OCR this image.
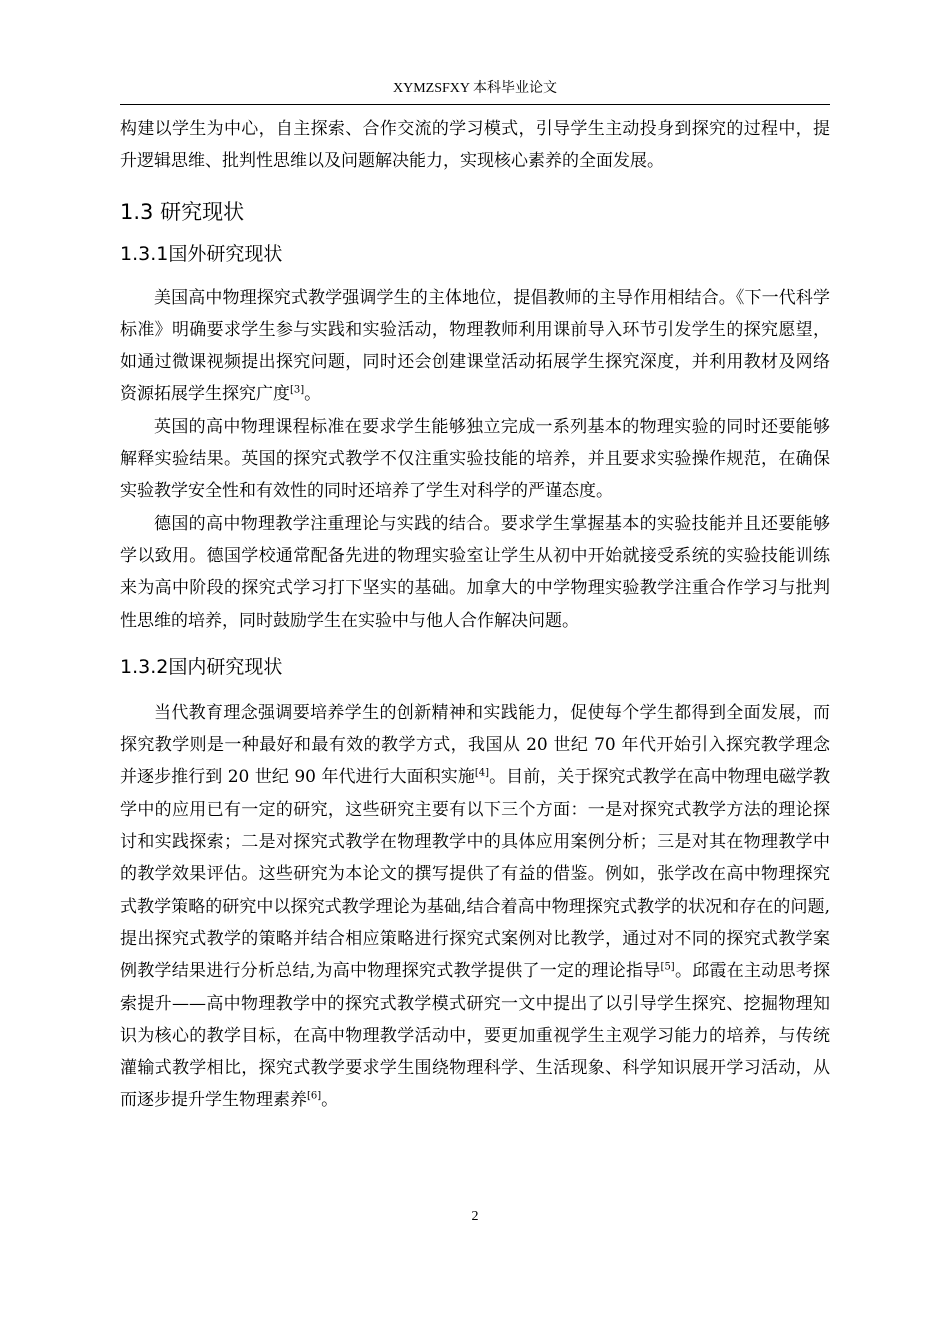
XYMZSFXY 本科毕业论文

构建以学生为中心，自主探索、合作交流的学习模式，引导学生主动投身到探究的过程中，提升逻辑思维、批判性思维以及问题解决能力，实现核心素养的全面发展。

1.3 研究现状
1.3.1国外研究现状

美国高中物理探究式教学强调学生的主体地位，提倡教师的主导作用相结合。《下一代科学标准》明确要求学生参与实践和实验活动，物理教师利用课前导入环节引发学生的探究愿望，如通过微课视频提出探究问题，同时还会创建课堂活动拓展学生探究深度，并利用教材及网络资源拓展学生探究广度[3]。

英国的高中物理课程标准在要求学生能够独立完成一系列基本的物理实验的同时还要能够解释实验结果。英国的探究式教学不仅注重实验技能的培养，并且要求实验操作规范，在确保实验教学安全性和有效性的同时还培养了学生对科学的严谨态度。

德国的高中物理教学注重理论与实践的结合。要求学生掌握基本的实验技能并且还要能够学以致用。德国学校通常配备先进的物理实验室让学生从初中开始就接受系统的实验技能训练来为高中阶段的探究式学习打下坚实的基础。加拿大的中学物理实验教学注重合作学习与批判性思维的培养，同时鼓励学生在实验中与他人合作解决问题。

1.3.2国内研究现状

当代教育理念强调要培养学生的创新精神和实践能力，促使每个学生都得到全面发展，而探究教学则是一种最好和最有效的教学方式，我国从 20 世纪 70 年代开始引入探究教学理念并逐步推行到 20 世纪 90 年代进行大面积实施[4]。目前，关于探究式教学在高中物理电磁学教学中的应用已有一定的研究，这些研究主要有以下三个方面：一是对探究式教学方法的理论探讨和实践探索；二是对探究式教学在物理教学中的具体应用案例分析；三是对其在物理教学中的教学效果评估。这些研究为本论文的撰写提供了有益的借鉴。例如，张学改在高中物理探究式教学策略的研究中以探究式教学理论为基础,结合着高中物理探究式教学的状况和存在的问题,提出探究式教学的策略并结合相应策略进行探究式案例对比教学，通过对不同的探究式教学案例教学结果进行分析总结,为高中物理探究式教学提供了一定的理论指导[5]。邱霞在主动思考探索提升——高中物理教学中的探究式教学模式研究一文中提出了以引导学生探究、挖掘物理知识为核心的教学目标，在高中物理教学活动中，要更加重视学生主观学习能力的培养，与传统灌输式教学相比，探究式教学要求学生围绕物理科学、生活现象、科学知识展开学习活动，从而逐步提升学生物理素养[6]。

2
